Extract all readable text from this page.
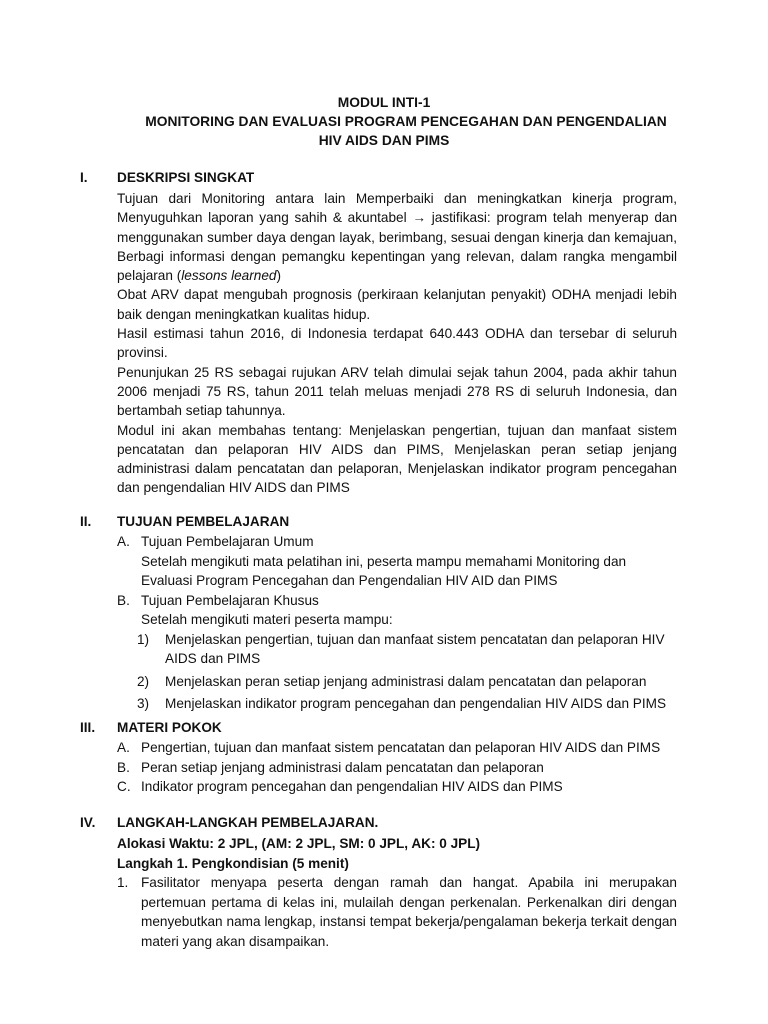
MODUL INTI-1
MONITORING DAN EVALUASI PROGRAM PENCEGAHAN DAN PENGENDALIAN
HIV AIDS DAN PIMS
I. DESKRIPSI SINGKAT

Tujuan dari Monitoring antara lain Memperbaiki dan meningkatkan kinerja program, Menyuguhkan laporan yang sahih & akuntabel → jastifikasi: program telah menyerap dan menggunakan sumber daya dengan layak, berimbang, sesuai dengan kinerja dan kemajuan, Berbagi informasi dengan pemangku kepentingan yang relevan, dalam rangka mengambil pelajaran (lessons learned)

Obat ARV dapat mengubah prognosis (perkiraan kelanjutan penyakit) ODHA menjadi lebih baik dengan meningkatkan kualitas hidup.

Hasil estimasi tahun 2016, di Indonesia terdapat 640.443 ODHA dan tersebar di seluruh provinsi.

Penunjukan 25 RS sebagai rujukan ARV telah dimulai sejak tahun 2004, pada akhir tahun 2006 menjadi 75 RS, tahun 2011 telah meluas menjadi 278 RS di seluruh Indonesia, dan bertambah setiap tahunnya.

Modul ini akan membahas tentang: Menjelaskan pengertian, tujuan dan manfaat sistem pencatatan dan pelaporan HIV AIDS dan PIMS, Menjelaskan peran setiap jenjang administrasi dalam pencatatan dan pelaporan, Menjelaskan indikator program pencegahan dan pengendalian HIV AIDS dan PIMS

II. TUJUAN PEMBELAJARAN
A. Tujuan Pembelajaran Umum
Setelah mengikuti mata pelatihan ini, peserta mampu memahami Monitoring dan Evaluasi Program Pencegahan dan Pengendalian HIV AID dan PIMS
B. Tujuan Pembelajaran Khusus
Setelah mengikuti materi peserta mampu:
1)	Menjelaskan pengertian, tujuan dan manfaat sistem pencatatan dan pelaporan HIV AIDS dan PIMS
2)	Menjelaskan peran setiap jenjang administrasi dalam pencatatan dan pelaporan
3)	Menjelaskan indikator program pencegahan dan pengendalian HIV AIDS dan PIMS
III. MATERI POKOK
A. Pengertian, tujuan dan manfaat sistem pencatatan dan pelaporan HIV AIDS dan PIMS
B. Peran setiap jenjang administrasi dalam pencatatan dan pelaporan
C. Indikator program pencegahan dan pengendalian HIV AIDS dan PIMS
IV. LANGKAH-LANGKAH PEMBELAJARAN.
Alokasi Waktu: 2 JPL, (AM: 2 JPL, SM: 0 JPL, AK: 0 JPL)
Langkah 1. Pengkondisian (5 menit)
1. Fasilitator menyapa peserta dengan ramah dan hangat. Apabila ini merupakan pertemuan pertama di kelas ini, mulailah dengan perkenalan. Perkenalkan diri dengan menyebutkan nama lengkap, instansi tempat bekerja/pengalaman bekerja terkait dengan materi yang akan disampaikan.
